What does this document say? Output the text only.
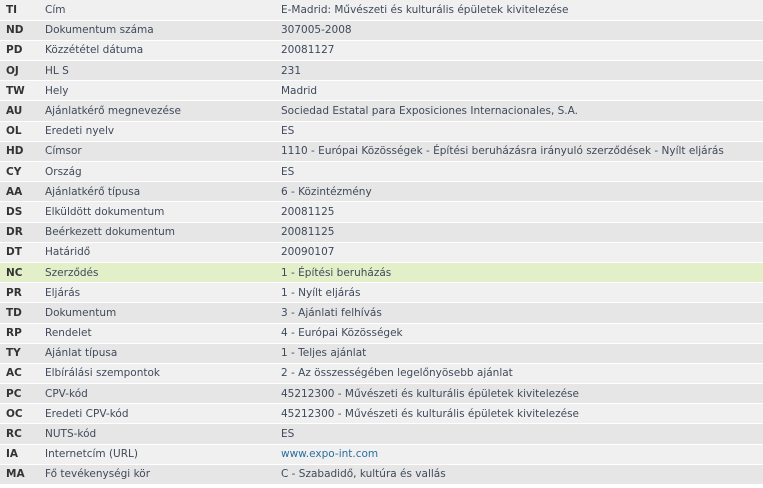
TI	Cím	E-Madrid: Művészeti és kulturális épületek kivitelezése
ND	Dokumentum száma	307005-2008
PD	Közzététel dátuma	20081127
OJ	HL S	231
TW	Hely	Madrid
AU	Ajánlatkérő megnevezése	Sociedad Estatal para Exposiciones Internacionales, S.A.
OL	Eredeti nyelv	ES
HD	Címsor	1110 - Európai Közösségek - Építési beruházásra irányuló szerződések - Nyílt eljárás
CY	Ország	ES
AA	Ajánlatkérő típusa	6 - Közintézmény
DS	Elküldött dokumentum	20081125
DR	Beérkezett dokumentum	20081125
DT	Határidő	20090107
NC	Szerződés	1 - Építési beruházás
PR	Eljárás	1 - Nyílt eljárás
TD	Dokumentum	3 - Ajánlati felhívás
RP	Rendelet	4 - Európai Közösségek
TY	Ajánlat típusa	1 - Teljes ajánlat
AC	Elbírálási szempontok	2 - Az összességében legelőnyösebb ajánlat
PC	CPV-kód	45212300 - Művészeti és kulturális épületek kivitelezése
OC	Eredeti CPV-kód	45212300 - Művészeti és kulturális épületek kivitelezése
RC	NUTS-kód	ES
IA	Internetcím (URL)	www.expo-int.com
MA	Fő tevékenységi kör	C - Szabadidő, kultúra és vallás
